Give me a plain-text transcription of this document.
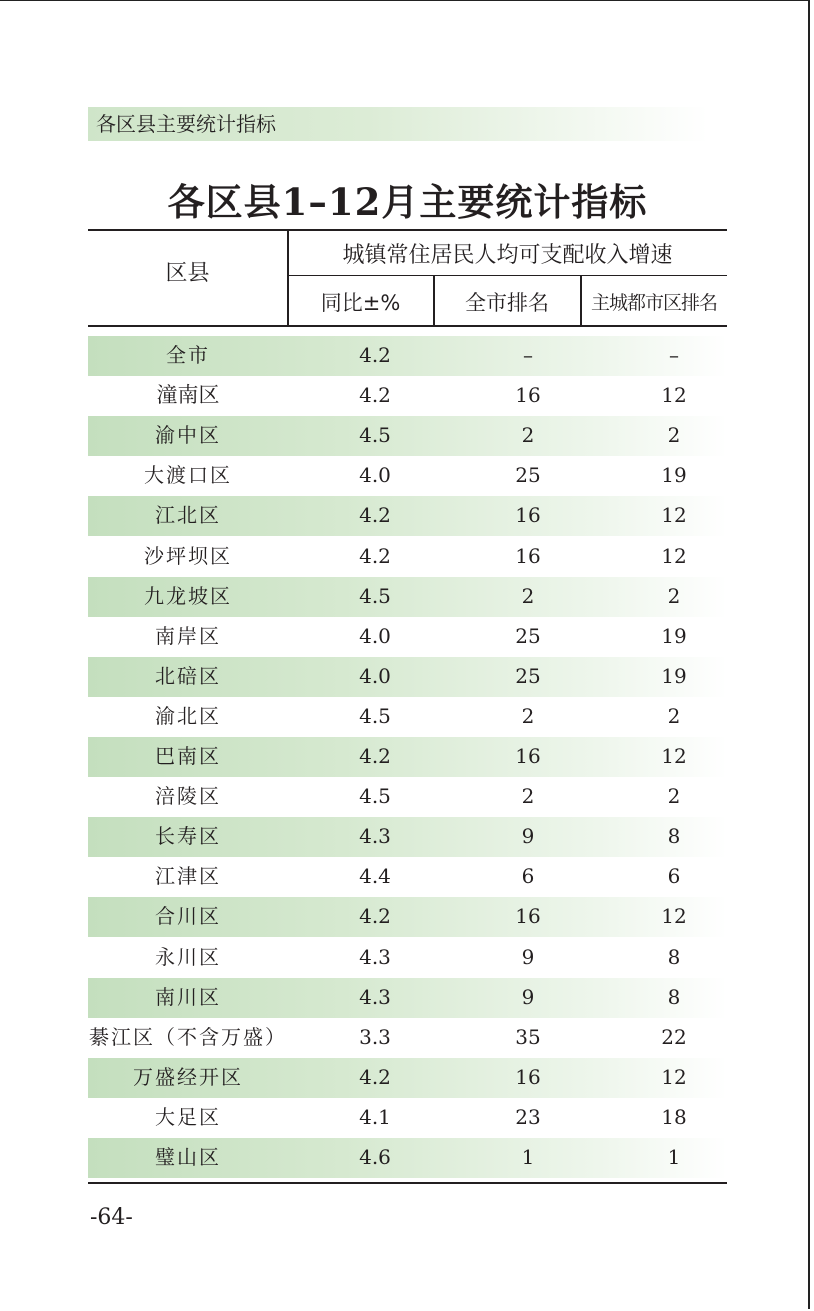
各区县主要统计指标
各区县1–12月主要统计指标
区县
城镇常住居民人均可支配收入增速
同比±%	全市排名	主城都市区排名
全市	4.2	–	–
潼南区	4.2	16	12
渝中区	4.5	2	2
大渡口区	4.0	25	19
江北区	4.2	16	12
沙坪坝区	4.2	16	12
九龙坡区	4.5	2	2
南岸区	4.0	25	19
北碚区	4.0	25	19
渝北区	4.5	2	2
巴南区	4.2	16	12
涪陵区	4.5	2	2
长寿区	4.3	9	8
江津区	4.4	6	6
合川区	4.2	16	12
永川区	4.3	9	8
南川区	4.3	9	8
綦江区（不含万盛）	3.3	35	22
万盛经开区	4.2	16	12
大足区	4.1	23	18
璧山区	4.6	1	1
-64-
